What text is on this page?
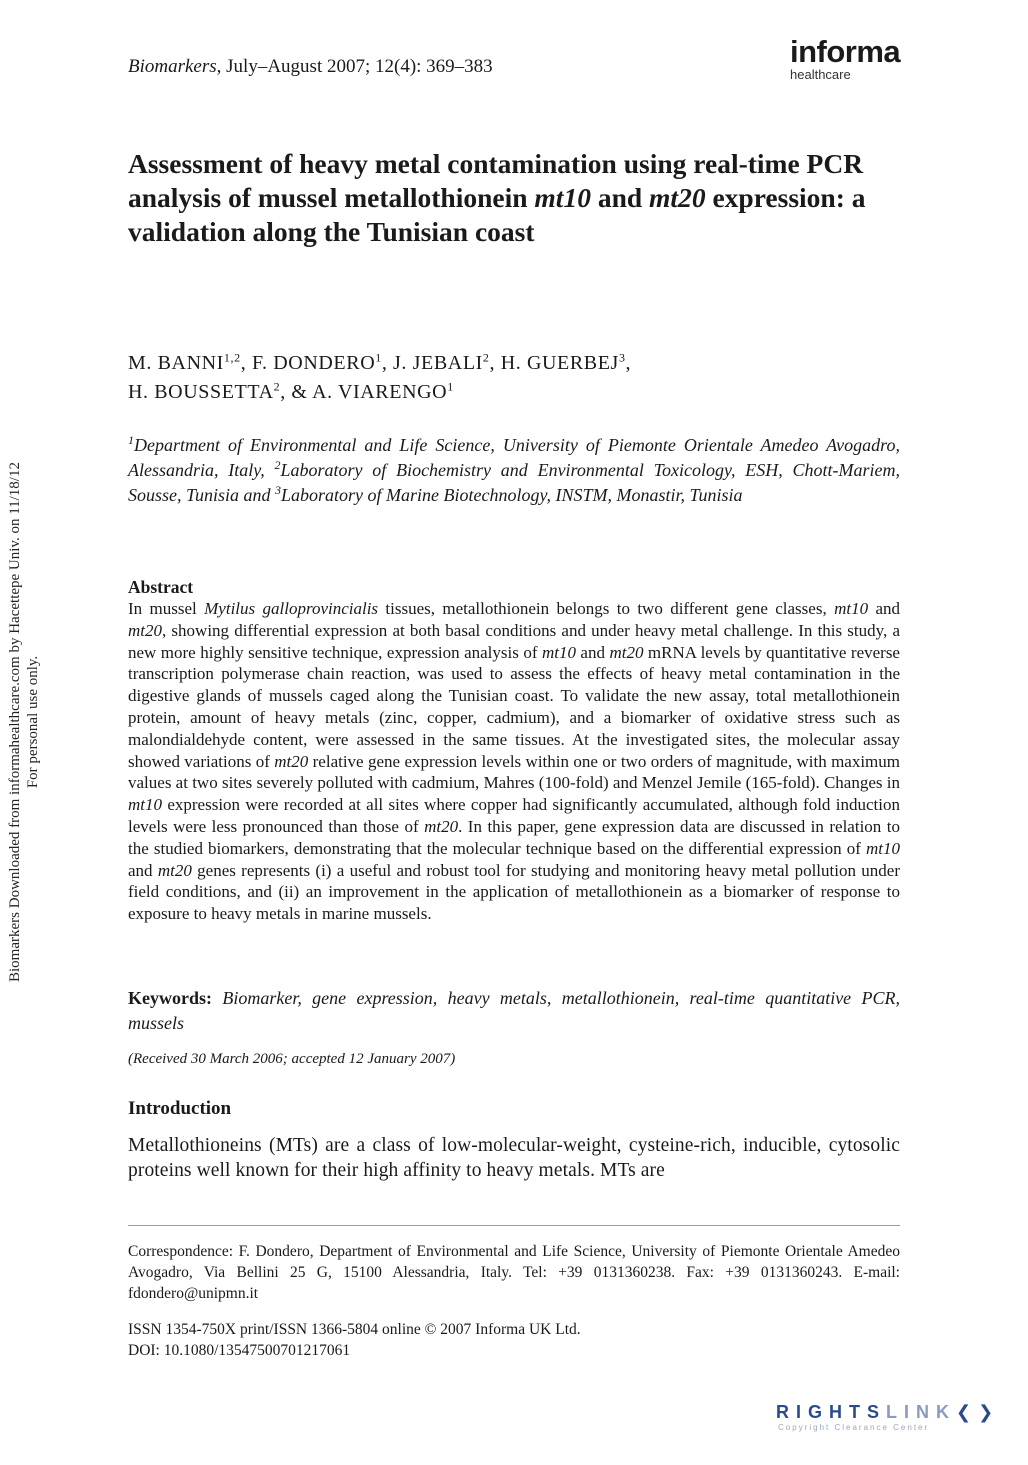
Biomarkers, July–August 2007; 12(4): 369–383	informa
healthcare
Assessment of heavy metal contamination using real-time PCR analysis of mussel metallothionein mt10 and mt20 expression: a validation along the Tunisian coast
M. BANNI$^{1,2}$, F. DONDERO$^1$, J. JEBALI$^2$, H. GUERBEJ$^3$,
H. BOUSSETTA$^2$, & A. VIARENGO$^1$
$^1$Department of Environmental and Life Science, University of Piemonte Orientale Amedeo Avogadro, Alessandria, Italy, $^2$Laboratory of Biochemistry and Environmental Toxicology, ESH, Chott-Mariem, Sousse, Tunisia and $^3$Laboratory of Marine Biotechnology, INSTM, Monastir, Tunisia
Abstract
In mussel Mytilus galloprovincialis tissues, metallothionein belongs to two different gene classes, mt10 and mt20, showing differential expression at both basal conditions and under heavy metal challenge. In this study, a new more highly sensitive technique, expression analysis of mt10 and mt20 mRNA levels by quantitative reverse transcription polymerase chain reaction, was used to assess the effects of heavy metal contamination in the digestive glands of mussels caged along the Tunisian coast. To validate the new assay, total metallothionein protein, amount of heavy metals (zinc, copper, cadmium), and a biomarker of oxidative stress such as malondialdehyde content, were assessed in the same tissues. At the investigated sites, the molecular assay showed variations of mt20 relative gene expression levels within one or two orders of magnitude, with maximum values at two sites severely polluted with cadmium, Mahres (100-fold) and Menzel Jemile (165-fold). Changes in mt10 expression were recorded at all sites where copper had significantly accumulated, although fold induction levels were less pronounced than those of mt20. In this paper, gene expression data are discussed in relation to the studied biomarkers, demonstrating that the molecular technique based on the differential expression of mt10 and mt20 genes represents (i) a useful and robust tool for studying and monitoring heavy metal pollution under field conditions, and (ii) an improvement in the application of metallothionein as a biomarker of response to exposure to heavy metals in marine mussels.
Keywords: Biomarker, gene expression, heavy metals, metallothionein, real-time quantitative PCR, mussels
(Received 30 March 2006; accepted 12 January 2007)
Introduction
Metallothioneins (MTs) are a class of low-molecular-weight, cysteine-rich, inducible, cytosolic proteins well known for their high affinity to heavy metals. MTs are
Correspondence: F. Dondero, Department of Environmental and Life Science, University of Piemonte Orientale Amedeo Avogadro, Via Bellini 25 G, 15100 Alessandria, Italy. Tel: +39 0131360238. Fax: +39 0131360243. E-mail: fdondero@unipmn.it
ISSN 1354-750X print/ISSN 1366-5804 online © 2007 Informa UK Ltd.
DOI: 10.1080/13547500701217061
Biomarkers Downloaded from informahealthcare.com by Hacettepe Univ. on 11/18/12 For personal use only.
RIGHTSLINK❮❯
Copyright Clearance Center
